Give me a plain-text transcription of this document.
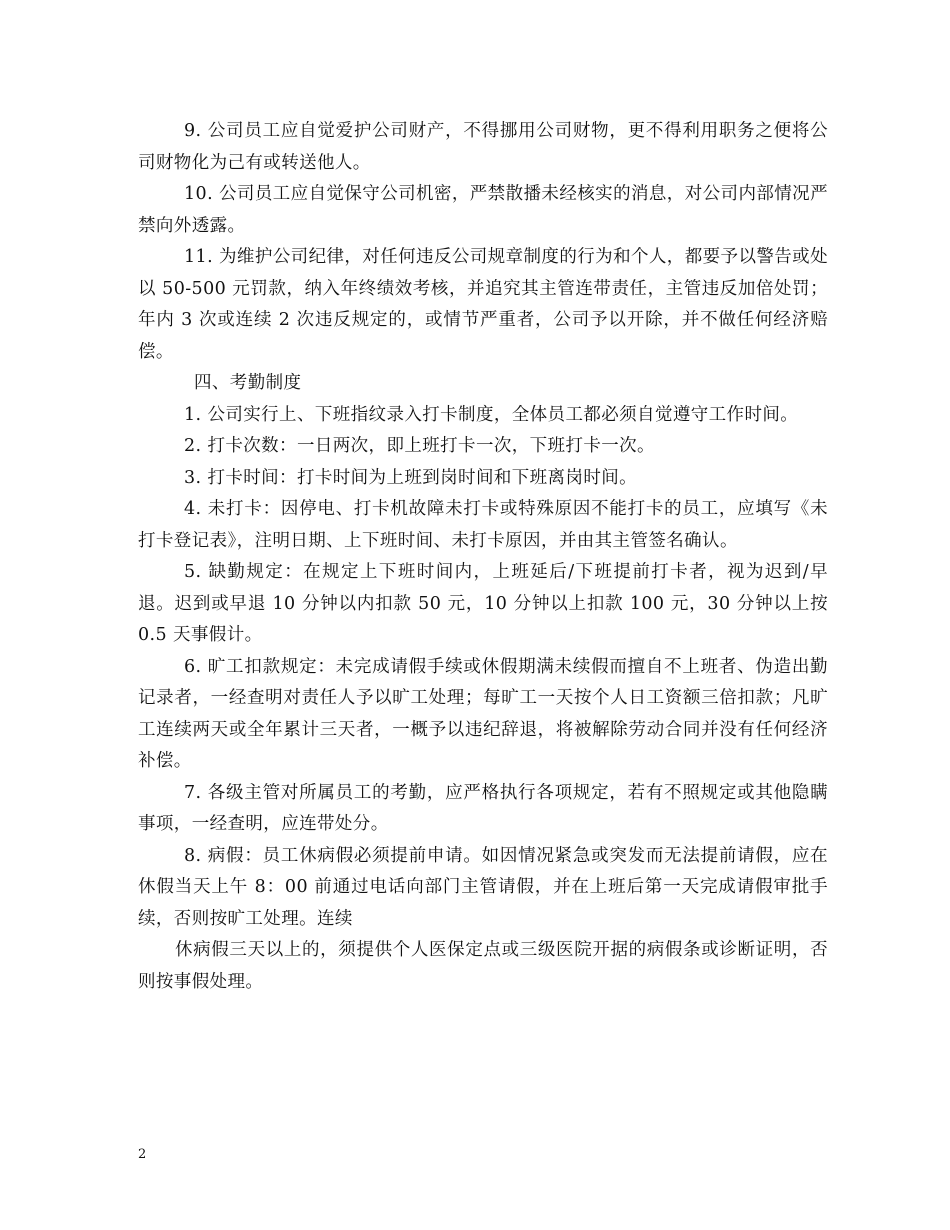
9. 公司员工应自觉爱护公司财产，不得挪用公司财物，更不得利用职务之便将公司财物化为己有或转送他人。

10. 公司员工应自觉保守公司机密，严禁散播未经核实的消息，对公司内部情况严禁向外透露。

11. 为维护公司纪律，对任何违反公司规章制度的行为和个人，都要予以警告或处以 50-500 元罚款，纳入年终绩效考核，并追究其主管连带责任，主管违反加倍处罚；年内 3 次或连续 2 次违反规定的，或情节严重者，公司予以开除，并不做任何经济赔偿。

四、考勤制度

1. 公司实行上、下班指纹录入打卡制度，全体员工都必须自觉遵守工作时间。

2. 打卡次数：一日两次，即上班打卡一次，下班打卡一次。

3. 打卡时间：打卡时间为上班到岗时间和下班离岗时间。

4. 未打卡：因停电、打卡机故障未打卡或特殊原因不能打卡的员工，应填写《未打卡登记表》，注明日期、上下班时间、未打卡原因，并由其主管签名确认。

5. 缺勤规定：在规定上下班时间内，上班延后/下班提前打卡者，视为迟到/早退。迟到或早退 10 分钟以内扣款 50 元，10 分钟以上扣款 100 元，30 分钟以上按 0.5 天事假计。

6. 旷工扣款规定：未完成请假手续或休假期满未续假而擅自不上班者、伪造出勤记录者，一经查明对责任人予以旷工处理；每旷工一天按个人日工资额三倍扣款；凡旷工连续两天或全年累计三天者，一概予以违纪辞退，将被解除劳动合同并没有任何经济补偿。

7. 各级主管对所属员工的考勤，应严格执行各项规定，若有不照规定或其他隐瞒事项，一经查明，应连带处分。

8. 病假：员工休病假必须提前申请。如因情况紧急或突发而无法提前请假，应在休假当天上午 8：00 前通过电话向部门主管请假，并在上班后第一天完成请假审批手续，否则按旷工处理。连续

休病假三天以上的，须提供个人医保定点或三级医院开据的病假条或诊断证明，否则按事假处理。

2
